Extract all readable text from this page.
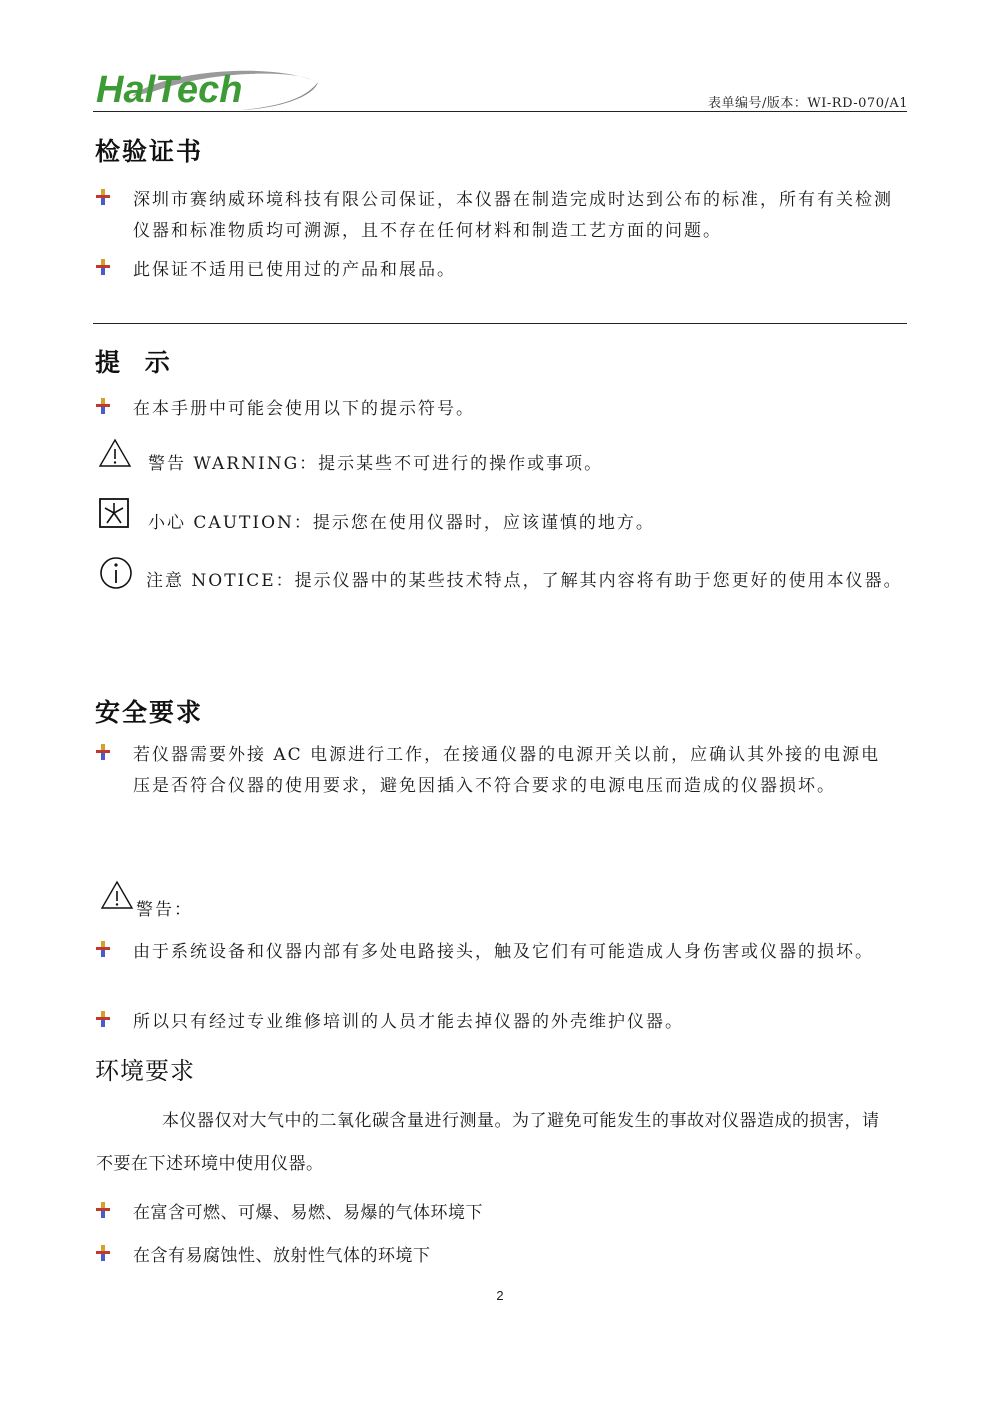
HalTech	表单编号/版本：WI-RD-070/A1
检验证书
深圳市赛纳威环境科技有限公司保证，本仪器在制造完成时达到公布的标准，所有有关检测仪器和标准物质均可溯源，且不存在任何材料和制造工艺方面的问题。
此保证不适用已使用过的产品和展品。
提 示
在本手册中可能会使用以下的提示符号。
警告 WARNING：提示某些不可进行的操作或事项。
小心 CAUTION：提示您在使用仪器时，应该谨慎的地方。
注意 NOTICE：提示仪器中的某些技术特点，了解其内容将有助于您更好的使用本仪器。
安全要求
若仪器需要外接 AC 电源进行工作，在接通仪器的电源开关以前，应确认其外接的电源电压是否符合仪器的使用要求，避免因插入不符合要求的电源电压而造成的仪器损坏。
警告：
由于系统设备和仪器内部有多处电路接头，触及它们有可能造成人身伤害或仪器的损坏。
所以只有经过专业维修培训的人员才能去掉仪器的外壳维护仪器。
环境要求
本仪器仅对大气中的二氧化碳含量进行测量。为了避免可能发生的事故对仪器造成的损害，请不要在下述环境中使用仪器。
在富含可燃、可爆、易燃、易爆的气体环境下
在含有易腐蚀性、放射性气体的环境下
2
